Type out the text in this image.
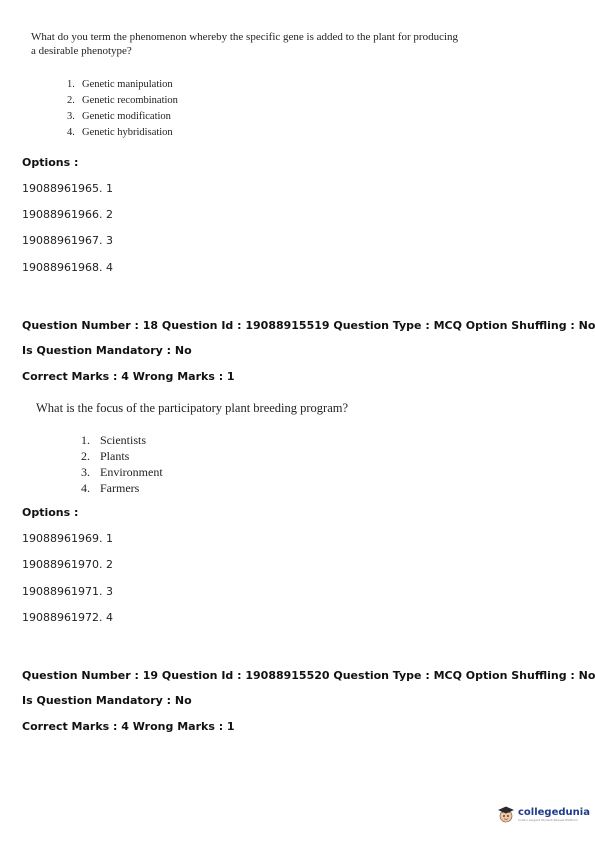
What do you term the phenomenon whereby the specific gene is added to the plant for producing
a desirable phenotype?
1. Genetic manipulation
2. Genetic recombination
3. Genetic modification
4. Genetic hybridisation
Options :
19088961965. 1
19088961966. 2
19088961967. 3
19088961968. 4
Question Number : 18 Question Id : 19088915519 Question Type : MCQ Option Shuffling : No
Is Question Mandatory : No
Correct Marks : 4 Wrong Marks : 1
What is the focus of the participatory plant breeding program?
1. Scientists
2. Plants
3. Environment
4. Farmers
Options :
19088961969. 1
19088961970. 2
19088961971. 3
19088961972. 4
Question Number : 19 Question Id : 19088915520 Question Type : MCQ Option Shuffling : No
Is Question Mandatory : No
Correct Marks : 4 Wrong Marks : 1
collegedunia
India's Largest Student Review Platform
